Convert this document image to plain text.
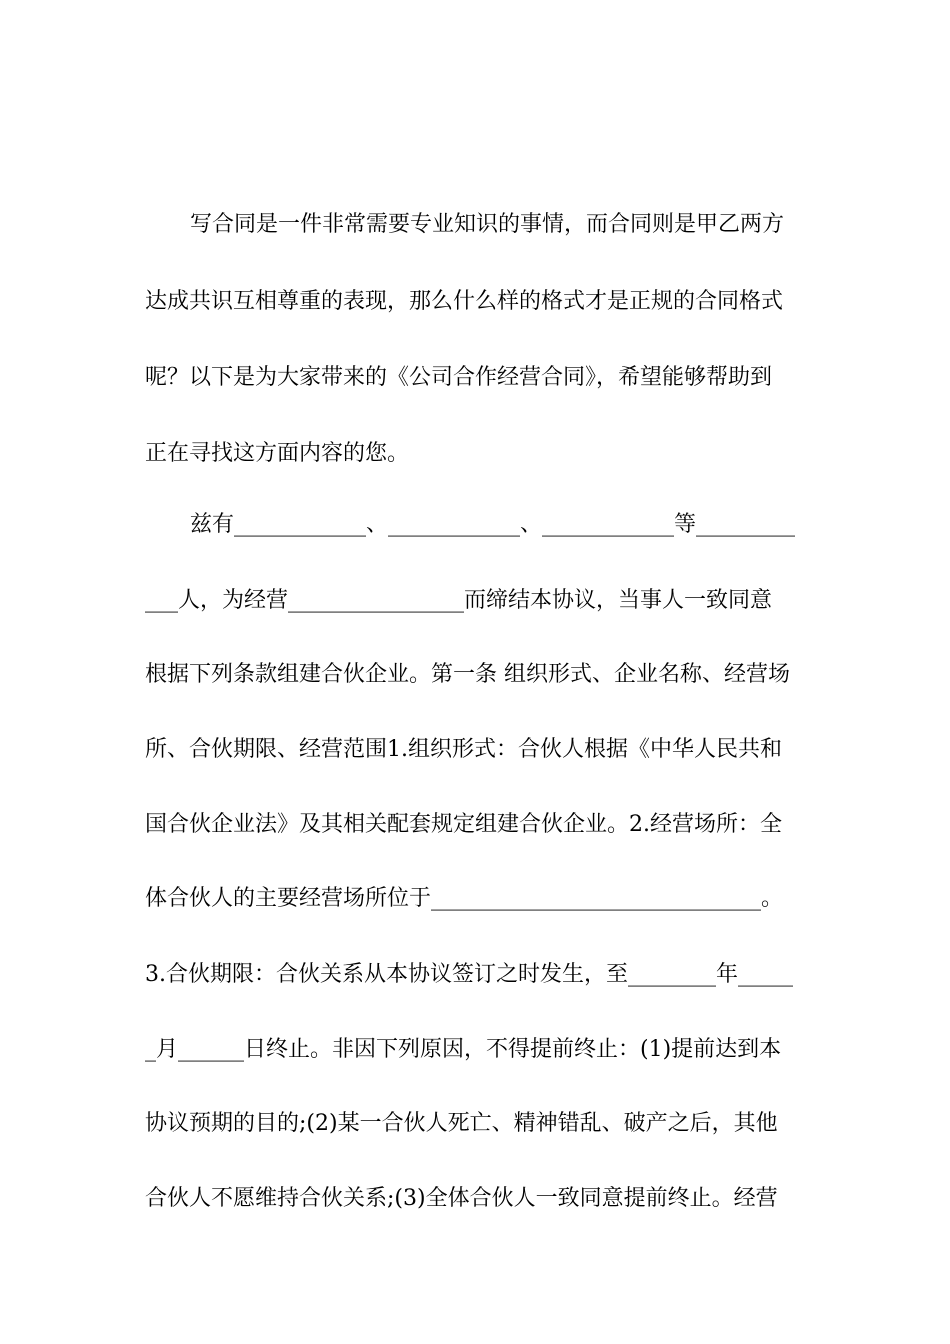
写合同是一件非常需要专业知识的事情，而合同则是甲乙两方
达成共识互相尊重的表现，那么什么样的格式才是正规的合同格式
呢？以下是为大家带来的《公司合作经营合同》，希望能够帮助到
正在寻找这方面内容的您。
兹有____________、____________、____________等_________
___人，为经营________________而缔结本协议，当事人一致同意
根据下列条款组建合伙企业。第一条 组织形式、企业名称、经营场
所、合伙期限、经营范围1.组织形式：合伙人根据《中华人民共和
国合伙企业法》及其相关配套规定组建合伙企业。2.经营场所：全
体合伙人的主要经营场所位于______________________________。
3.合伙期限：合伙关系从本协议签订之时发生，至________年_____
_月______日终止。非因下列原因，不得提前终止：(1)提前达到本
协议预期的目的;(2)某一合伙人死亡、精神错乱、破产之后，其他
合伙人不愿维持合伙关系;(3)全体合伙人一致同意提前终止。经营
